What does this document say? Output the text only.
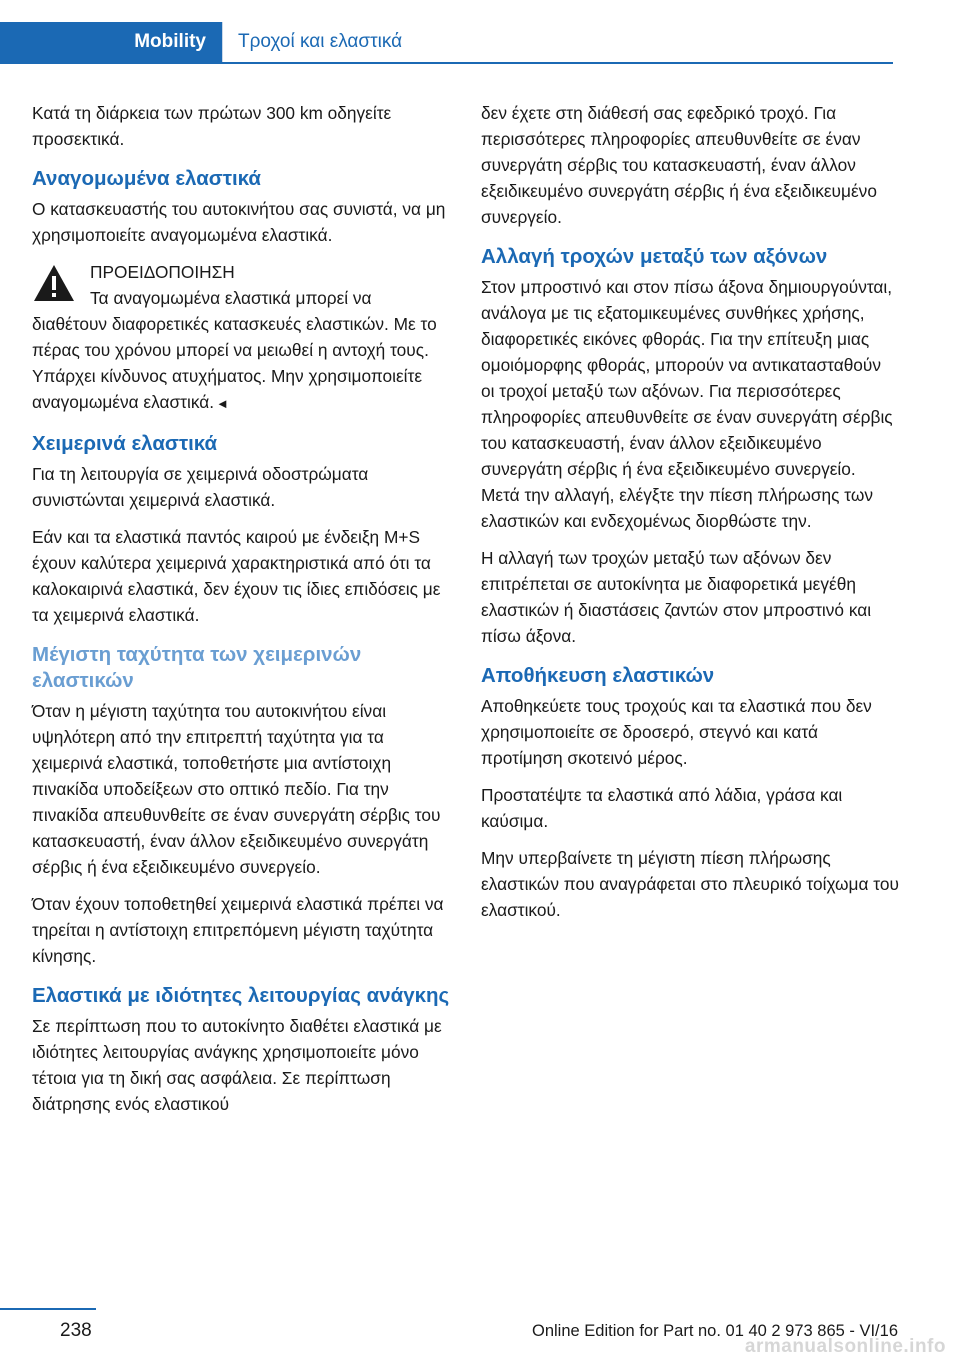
Mobility	Τροχοί και ελαστικά

Κατά τη διάρκεια των πρώτων 300 km οδηγείτε προσεκτικά.

Αναγομωμένα ελαστικά

Ο κατασκευαστής του αυτοκινήτου σας συνιστά, να μη χρησιμοποιείτε αναγομωμένα ελαστικά.

ΠΡΟΕΙΔΟΠΟΙΗΣΗ
Τα αναγομωμένα ελαστικά μπορεί να
διαθέτουν διαφορετικές κατασκευές ελαστικών. Με το πέρας του χρόνου μπορεί να μειωθεί η αντοχή τους. Υπάρχει κίνδυνος ατυχήματος. Μην χρησιμοποιείτε αναγομωμένα ελαστικά. ◄
Χειμερινά ελαστικά

Για τη λειτουργία σε χειμερινά οδοστρώματα συνιστώνται χειμερινά ελαστικά.

Εάν και τα ελαστικά παντός καιρού με ένδειξη M+S έχουν καλύτερα χειμερινά χαρακτηριστικά από ότι τα καλοκαιρινά ελαστικά, δεν έχουν τις ίδιες επιδόσεις με τα χειμερινά ελαστικά.

Μέγιστη ταχύτητα των χειμερινών ελαστικών

Όταν η μέγιστη ταχύτητα του αυτοκινήτου είναι υψηλότερη από την επιτρεπτή ταχύτητα για τα χειμερινά ελαστικά, τοποθετήστε μια αντίστοιχη πινακίδα υποδείξεων στο οπτικό πεδίο. Για την πινακίδα απευθυνθείτε σε έναν συνεργάτη σέρβις του κατασκευαστή, έναν άλλον εξειδικευμένο συνεργάτη σέρβις ή ένα εξειδικευμένο συνεργείο.

Όταν έχουν τοποθετηθεί χειμερινά ελαστικά πρέπει να τηρείται η αντίστοιχη επιτρεπόμενη μέγιστη ταχύτητα κίνησης.

Ελαστικά με ιδιότητες λειτουργίας ανάγκης

Σε περίπτωση που το αυτοκίνητο διαθέτει ελαστικά με ιδιότητες λειτουργίας ανάγκης χρησιμοποιείτε μόνο τέτοια για τη δική σας ασφάλεια. Σε περίπτωση διάτρησης ενός ελαστικού

δεν έχετε στη διάθεσή σας εφεδρικό τροχό. Για περισσότερες πληροφορίες απευθυνθείτε σε έναν συνεργάτη σέρβις του κατασκευαστή, έναν άλλον εξειδικευμένο συνεργάτη σέρβις ή ένα εξειδικευμένο συνεργείο.

Αλλαγή τροχών μεταξύ των αξόνων

Στον μπροστινό και στον πίσω άξονα δημιουργούνται, ανάλογα με τις εξατομικευμένες συνθήκες χρήσης, διαφορετικές εικόνες φθοράς. Για την επίτευξη μιας ομοιόμορφης φθοράς, μπορούν να αντικατασταθούν οι τροχοί μεταξύ των αξόνων. Για περισσότερες πληροφορίες απευθυνθείτε σε έναν συνεργάτη σέρβις του κατασκευαστή, έναν άλλον εξειδικευμένο συνεργάτη σέρβις ή ένα εξειδικευμένο συνεργείο. Μετά την αλλαγή, ελέγξτε την πίεση πλήρωσης των ελαστικών και ενδεχομένως διορθώστε την.

Η αλλαγή των τροχών μεταξύ των αξόνων δεν επιτρέπεται σε αυτοκίνητα με διαφορετικά μεγέθη ελαστικών ή διαστάσεις ζαντών στον μπροστινό και πίσω άξονα.

Αποθήκευση ελαστικών

Αποθηκεύετε τους τροχούς και τα ελαστικά που δεν χρησιμοποιείτε σε δροσερό, στεγνό και κατά προτίμηση σκοτεινό μέρος.

Προστατέψτε τα ελαστικά από λάδια, γράσα και καύσιμα.

Μην υπερβαίνετε τη μέγιστη πίεση πλήρωσης ελαστικών που αναγράφεται στο πλευρικό τοίχωμα του ελαστικού.

238	Online Edition for Part no. 01 40 2 973 865 - VI/16
armanualsonline.info
